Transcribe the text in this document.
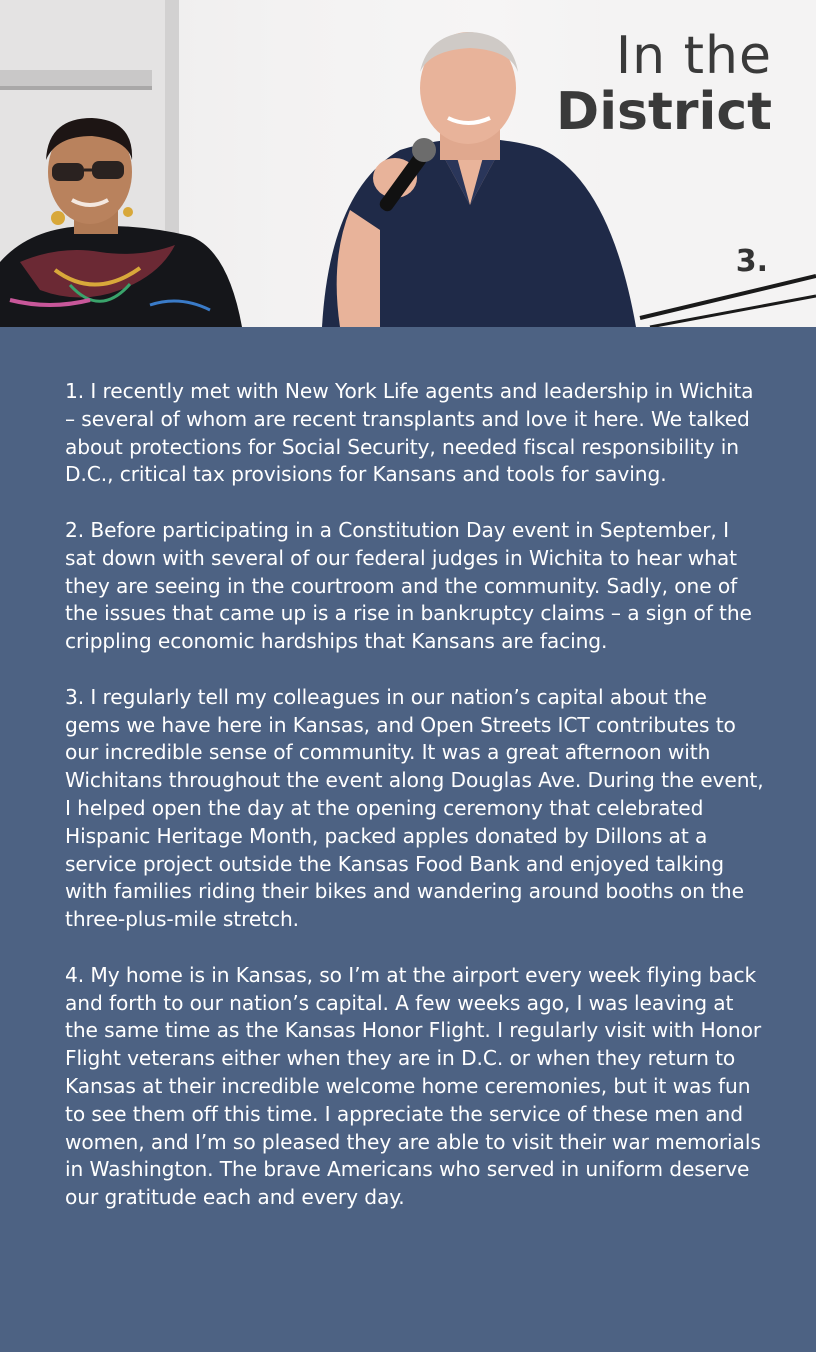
In the
District
3.

1. I recently met with New York Life agents and leadership in Wichita – several of whom are recent transplants and love it here. We talked about protections for Social Security, needed fiscal responsibility in D.C., critical tax provisions for Kansans and tools for saving.

2. Before participating in a Constitution Day event in September, I sat down with several of our federal judges in Wichita to hear what they are seeing in the courtroom and the community. Sadly, one of the issues that came up is a rise in bankruptcy claims – a sign of the crippling economic hardships that Kansans are facing.

3. I regularly tell my colleagues in our nation’s capital about the gems we have here in Kansas, and Open Streets ICT contributes to our incredible sense of community. It was a great afternoon with Wichitans throughout the event along Douglas Ave. During the event, I helped open the day at the opening ceremony that celebrated Hispanic Heritage Month, packed apples donated by Dillons at a service project outside the Kansas Food Bank and enjoyed talking with families riding their bikes and wandering around booths on the three-plus-mile stretch.

4. My home is in Kansas, so I’m at the airport every week flying back and forth to our nation’s capital. A few weeks ago, I was leaving at the same time as the Kansas Honor Flight. I regularly visit with Honor Flight veterans either when they are in D.C. or when they return to Kansas at their incredible welcome home ceremonies, but it was fun to see them off this time. I appreciate the service of these men and women, and I’m so pleased they are able to visit their war memorials in Washington. The brave Americans who served in uniform deserve our gratitude each and every day.
